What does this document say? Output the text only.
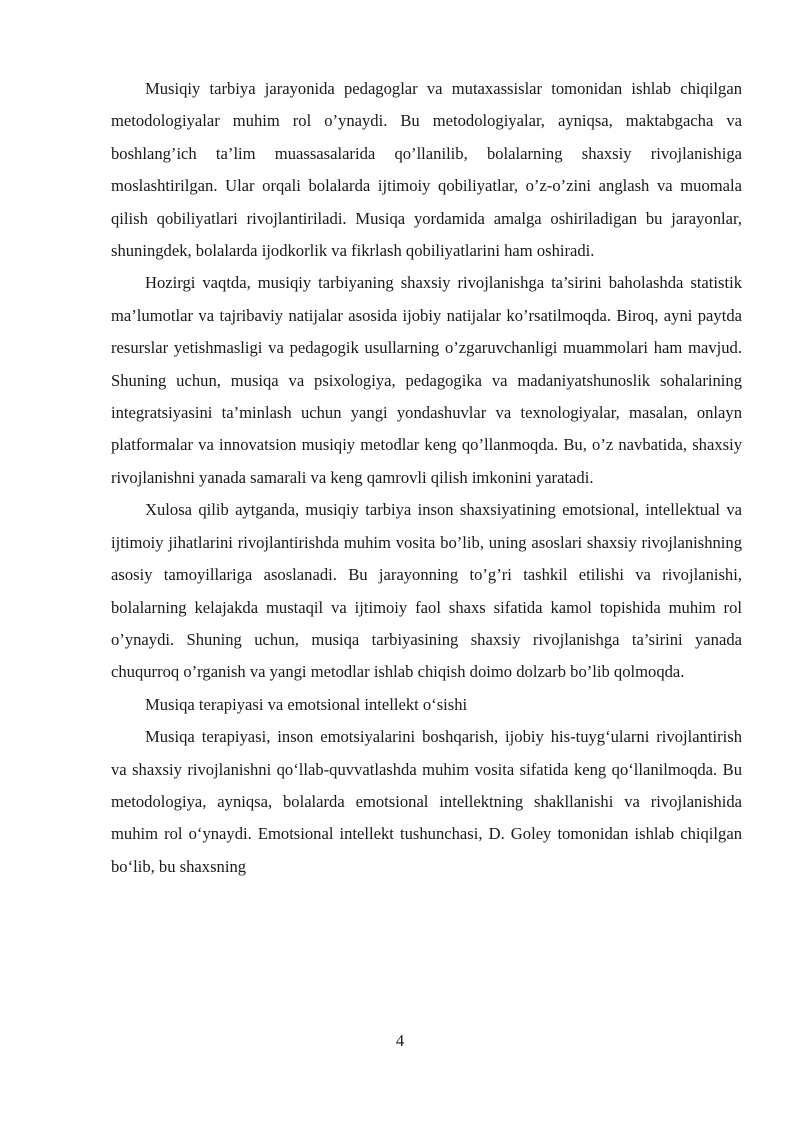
Musiqiy tarbiya jarayonida pedagoglar va mutaxassislar tomonidan ishlab chiqilgan metodologiyalar muhim rol o’ynaydi. Bu metodologiyalar, ayniqsa, maktabgacha va boshlang’ich ta’lim muassasalarida qo’llanilib, bolalarning shaxsiy rivojlanishiga moslashtirilgan. Ular orqali bolalarda ijtimoiy qobiliyatlar, o’z-o’zini anglash va muomala qilish qobiliyatlari rivojlantiriladi. Musiqa yordamida amalga oshiriladigan bu jarayonlar, shuningdek, bolalarda ijodkorlik va fikrlash qobiliyatlarini ham oshiradi.

Hozirgi vaqtda, musiqiy tarbiyaning shaxsiy rivojlanishga ta’sirini baholashda statistik ma’lumotlar va tajribaviy natijalar asosida ijobiy natijalar ko’rsatilmoqda. Biroq, ayni paytda resurslar yetishmasligi va pedagogik usullarning o’zgaruvchanligi muammolari ham mavjud. Shuning uchun, musiqa va psixologiya, pedagogika va madaniyatshunoslik sohalarining integratsiyasini ta’minlash uchun yangi yondashuvlar va texnologiyalar, masalan, onlayn platformalar va innovatsion musiqiy metodlar keng qo’llanmoqda. Bu, o’z navbatida, shaxsiy rivojlanishni yanada samarali va keng qamrovli qilish imkonini yaratadi.

Xulosa qilib aytganda, musiqiy tarbiya inson shaxsiyatining emotsional, intellektual va ijtimoiy jihatlarini rivojlantirishda muhim vosita bo’lib, uning asoslari shaxsiy rivojlanishning asosiy tamoyillariga asoslanadi. Bu jarayonning to’g’ri tashkil etilishi va rivojlanishi, bolalarning kelajakda mustaqil va ijtimoiy faol shaxs sifatida kamol topishida muhim rol o’ynaydi. Shuning uchun, musiqa tarbiyasining shaxsiy rivojlanishga ta’sirini yanada chuqurroq o’rganish va yangi metodlar ishlab chiqish doimo dolzarb bo’lib qolmoqda.

Musiqa terapiyasi va emotsional intellekt o‘sishi

Musiqa terapiyasi, inson emotsiyalarini boshqarish, ijobiy his-tuyg‘ularni rivojlantirish va shaxsiy rivojlanishni qo‘llab-quvvatlashda muhim vosita sifatida keng qo‘llanilmoqda. Bu metodologiya, ayniqsa, bolalarda emotsional intellektning shakllanishi va rivojlanishida muhim rol o‘ynaydi. Emotsional intellekt tushunchasi, D. Goley tomonidan ishlab chiqilgan bo‘lib, bu shaxsning

4
